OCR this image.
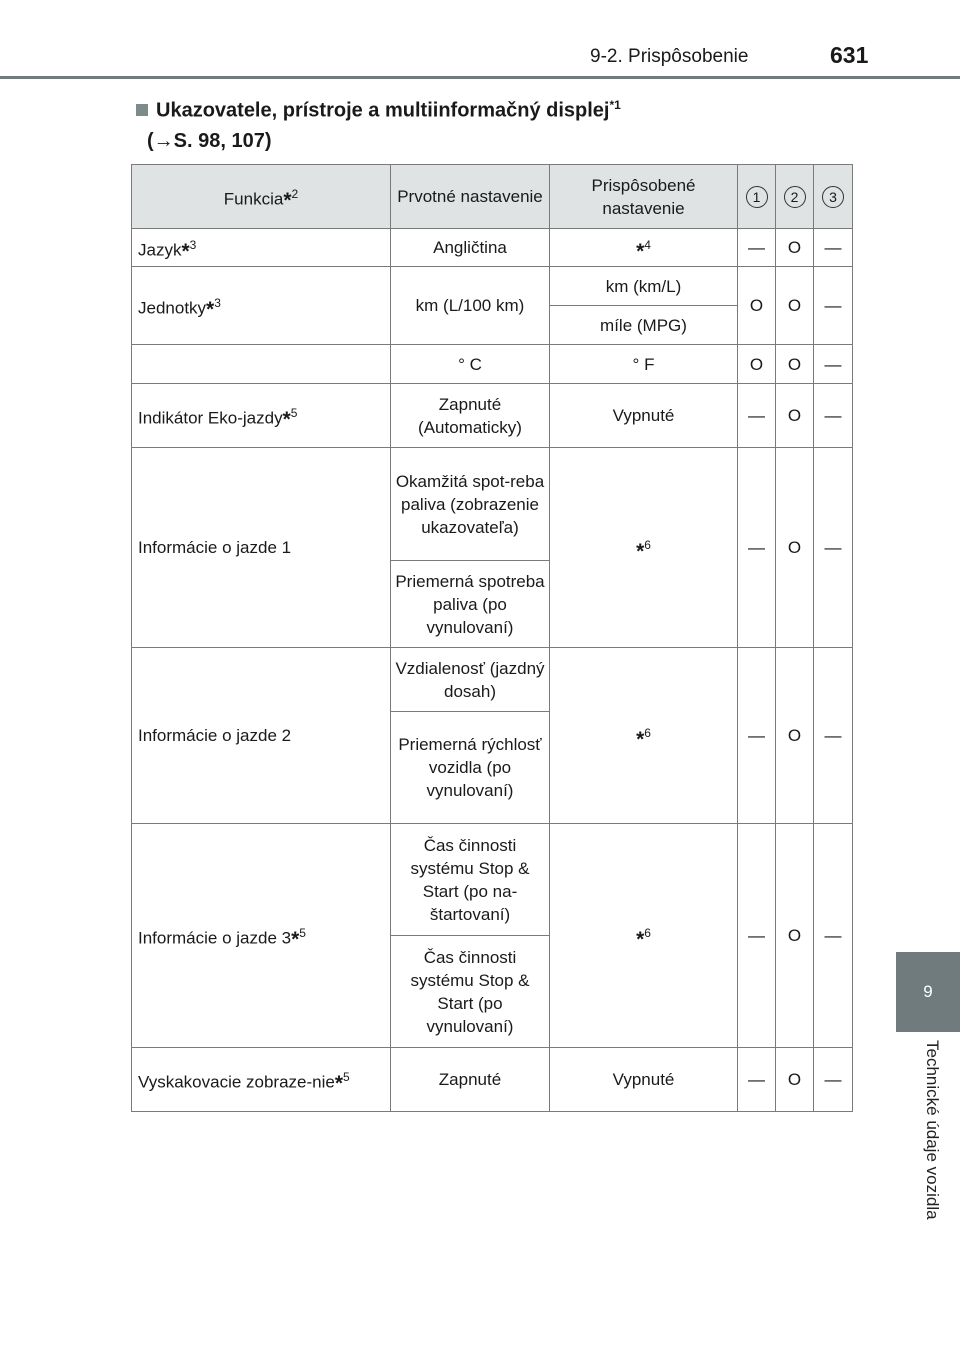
9-2. Prispôsobenie	631
9
Technické údaje vozidla
Ukazovatele, prístroje a multiinformačný displej$^{*1}$
(→S. 98, 107)
Funkcia*$^2$	Prvotné nastavenie	Prispôsobené nastavenie	1	2	3
Jazyk*$^3$	Angličtina	*$^4$	—	O	—
Jednotky*$^3$	km (L/100 km)	km (km/L)	O	O	—
		míle (MPG)			
	° C	° F	O	O	—
Indikátor Eko-jazdy*$^5$	Zapnuté (Automaticky)	Vypnuté	—	O	—
Informácie o jazde 1	Okamžitá spot-reba paliva (zobrazenie ukazovateľa)	*$^6$	—	O	—
	Priemerná spotreba paliva (po vynulovaní)				
Informácie o jazde 2	Vzdialenosť (jazdný dosah)	*$^6$	—	O	—
	Priemerná rýchlosť vozidla (po vynulovaní)				
Informácie o jazde 3*$^5$	Čas činnosti systému Stop & Start (po na-štartovaní)	*$^6$	—	O	—
	Čas činnosti systému Stop & Start (po vynulovaní)				
Vyskakovacie zobraze-nie*$^5$	Zapnuté	Vypnuté	—	O	—
